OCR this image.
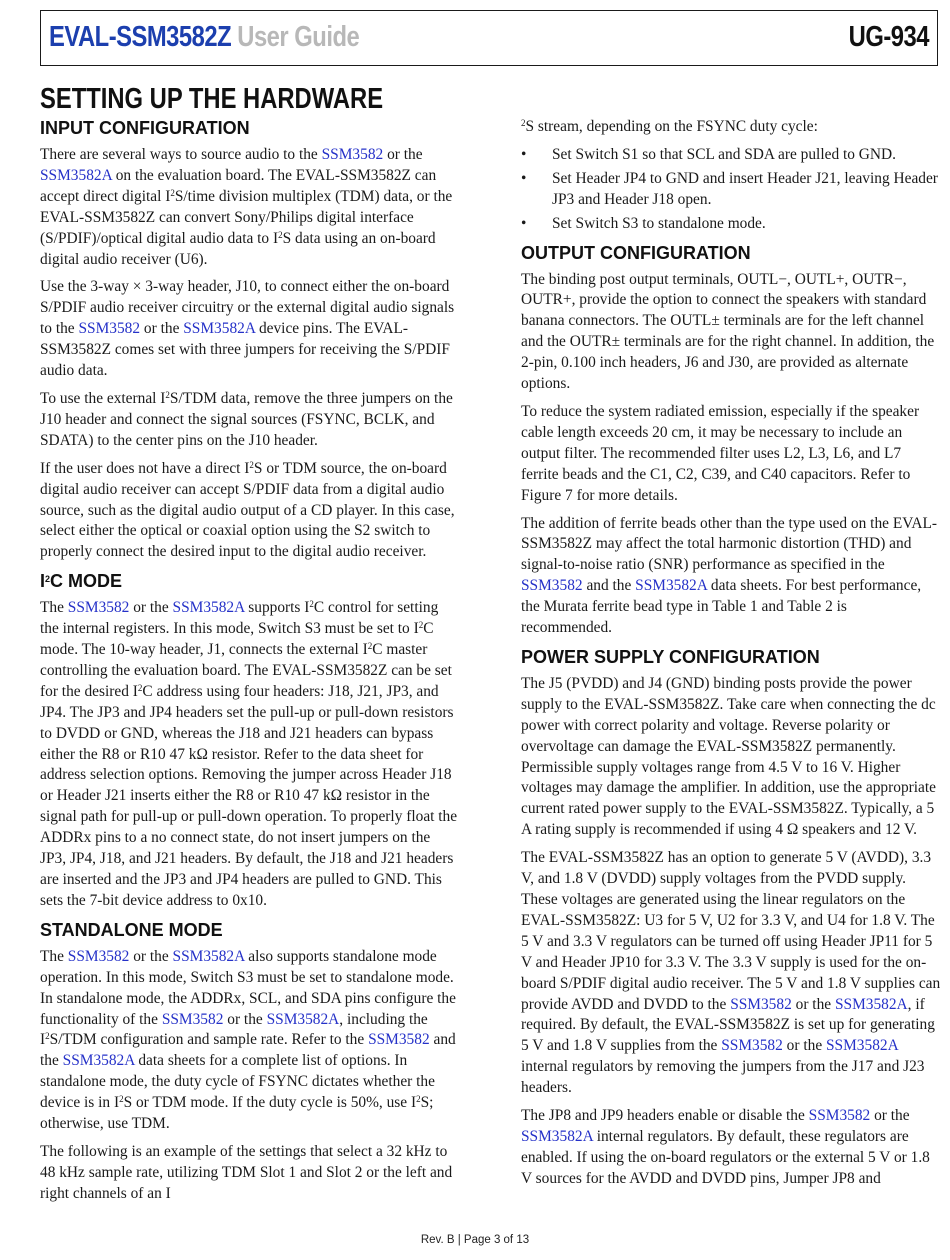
EVAL-SSM3582Z User Guide	UG-934
SETTING UP THE HARDWARE
INPUT CONFIGURATION

There are several ways to source audio to the SSM3582 or the SSM3582A on the evaluation board. The EVAL-SSM3582Z can accept direct digital $I^2S$/time division multiplex (TDM) data, or the EVAL-SSM3582Z can convert Sony/Philips digital interface (S/PDIF)/optical digital audio data to $I^2S$ data using an on-board digital audio receiver (U6).

Use the 3-way × 3-way header, J10, to connect either the on-board S/PDIF audio receiver circuitry or the external digital audio signals to the SSM3582 or the SSM3582A device pins. The EVAL-SSM3582Z comes set with three jumpers for receiving the S/PDIF audio data.

To use the external $I^2S$/TDM data, remove the three jumpers on the J10 header and connect the signal sources (FSYNC, BCLK, and SDATA) to the center pins on the J10 header.

If the user does not have a direct $I^2S$ or TDM source, the on-board digital audio receiver can accept S/PDIF data from a digital audio source, such as the digital audio output of a CD player. In this case, select either the optical or coaxial option using the S2 switch to properly connect the desired input to the digital audio receiver.

$I^2C$ MODE

The SSM3582 or the SSM3582A supports $I^2C$ control for setting the internal registers. In this mode, Switch S3 must be set to $I^2C$ mode. The 10-way header, J1, connects the external $I^2C$ master controlling the evaluation board. The EVAL-SSM3582Z can be set for the desired $I^2C$ address using four headers: J18, J21, JP3, and JP4. The JP3 and JP4 headers set the pull-up or pull-down resistors to DVDD or GND, whereas the J18 and J21 headers can bypass either the R8 or R10 47 kΩ resistor. Refer to the data sheet for address selection options. Removing the jumper across Header J18 or Header J21 inserts either the R8 or R10 47 kΩ resistor in the signal path for pull-up or pull-down operation. To properly float the ADDRx pins to a no connect state, do not insert jumpers on the JP3, JP4, J18, and J21 headers. By default, the J18 and J21 headers are inserted and the JP3 and JP4 headers are pulled to GND. This sets the 7-bit device address to 0x10.

STANDALONE MODE

The SSM3582 or the SSM3582A also supports standalone mode operation. In this mode, Switch S3 must be set to standalone mode. In standalone mode, the ADDRx, SCL, and SDA pins configure the functionality of the SSM3582 or the SSM3582A, including the $I^2S$/TDM configuration and sample rate. Refer to the SSM3582 and the SSM3582A data sheets for a complete list of options. In standalone mode, the duty cycle of FSYNC dictates whether the device is in $I^2S$ or TDM mode. If the duty cycle is 50%, use $I^2S$; otherwise, use TDM.

The following is an example of the settings that select a 32 kHz to 48 kHz sample rate, utilizing TDM Slot 1 and Slot 2 or the left and right channels of an I

$^2$S stream, depending on the FSYNC duty cycle:

• Set Switch S1 so that SCL and SDA are pulled to GND.
• Set Header JP4 to GND and insert Header J21, leaving Header JP3 and Header J18 open.
• Set Switch S3 to standalone mode.
OUTPUT CONFIGURATION

The binding post output terminals, OUTL−, OUTL+, OUTR−, OUTR+, provide the option to connect the speakers with standard banana connectors. The OUTL± terminals are for the left channel and the OUTR± terminals are for the right channel. In addition, the 2-pin, 0.100 inch headers, J6 and J30, are provided as alternate options.

To reduce the system radiated emission, especially if the speaker cable length exceeds 20 cm, it may be necessary to include an output filter. The recommended filter uses L2, L3, L6, and L7 ferrite beads and the C1, C2, C39, and C40 capacitors. Refer to Figure 7 for more details.

The addition of ferrite beads other than the type used on the EVAL-SSM3582Z may affect the total harmonic distortion (THD) and signal-to-noise ratio (SNR) performance as specified in the SSM3582 and the SSM3582A data sheets. For best performance, the Murata ferrite bead type in Table 1 and Table 2 is recommended.

POWER SUPPLY CONFIGURATION

The J5 (PVDD) and J4 (GND) binding posts provide the power supply to the EVAL-SSM3582Z. Take care when connecting the dc power with correct polarity and voltage. Reverse polarity or overvoltage can damage the EVAL-SSM3582Z permanently. Permissible supply voltages range from 4.5 V to 16 V. Higher voltages may damage the amplifier. In addition, use the appropriate current rated power supply to the EVAL-SSM3582Z. Typically, a 5 A rating supply is recommended if using 4 Ω speakers and 12 V.

The EVAL-SSM3582Z has an option to generate 5 V (AVDD), 3.3 V, and 1.8 V (DVDD) supply voltages from the PVDD supply. These voltages are generated using the linear regulators on the EVAL-SSM3582Z: U3 for 5 V, U2 for 3.3 V, and U4 for 1.8 V. The 5 V and 3.3 V regulators can be turned off using Header JP11 for 5 V and Header JP10 for 3.3 V. The 3.3 V supply is used for the on-board S/PDIF digital audio receiver. The 5 V and 1.8 V supplies can provide AVDD and DVDD to the SSM3582 or the SSM3582A, if required. By default, the EVAL-SSM3582Z is set up for generating 5 V and 1.8 V supplies from the SSM3582 or the SSM3582A internal regulators by removing the jumpers from the J17 and J23 headers.

The JP8 and JP9 headers enable or disable the SSM3582 or the SSM3582A internal regulators. By default, these regulators are enabled. If using the on-board regulators or the external 5 V or 1.8 V sources for the AVDD and DVDD pins, Jumper JP8 and

Rev. B | Page 3 of 13
